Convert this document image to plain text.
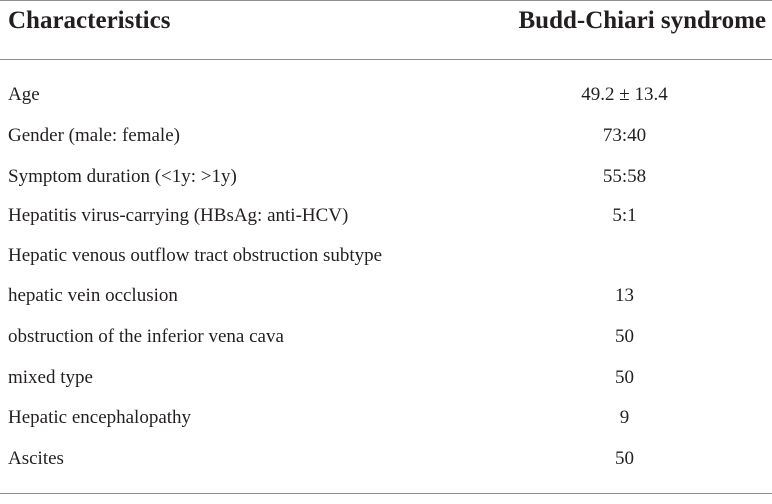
Characteristics	Budd-Chiari syndrome
Age	49.2 ± 13.4
Gender (male: female)	73:40
Symptom duration (<1y: >1y)	55:58
Hepatitis virus-carrying (HBsAg: anti-HCV)	5:1
Hepatic venous outflow tract obstruction subtype
hepatic vein occlusion	13
obstruction of the inferior vena cava	50
mixed type	50
Hepatic encephalopathy	9
Ascites	50
